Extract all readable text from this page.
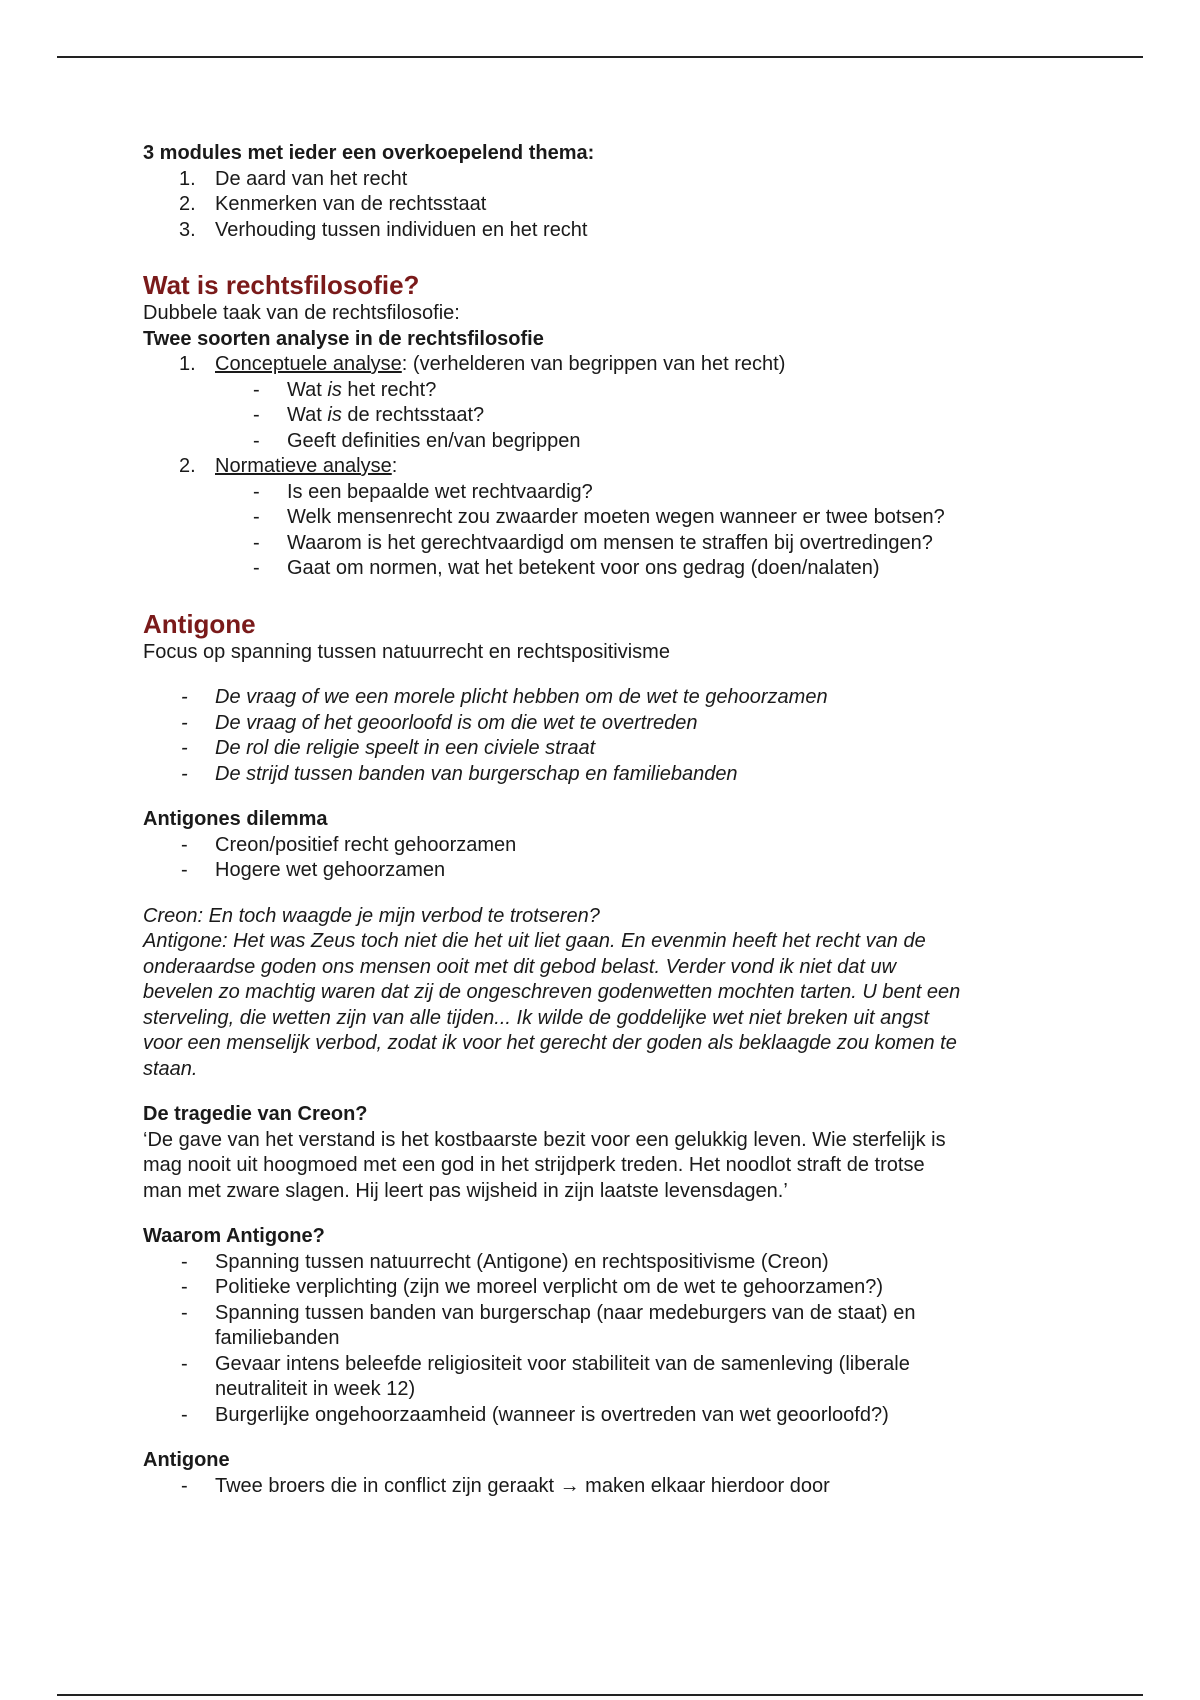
3 modules met ieder een overkoepelend thema:
1. De aard van het recht
2. Kenmerken van de rechtsstaat
3. Verhouding tussen individuen en het recht
Wat is rechtsfilosofie?
Dubbele taak van de rechtsfilosofie:
Twee soorten analyse in de rechtsfilosofie
1. Conceptuele analyse: (verhelderen van begrippen van het recht)
- Wat is het recht?
- Wat is de rechtsstaat?
- Geeft definities en/van begrippen
2. Normatieve analyse:
- Is een bepaalde wet rechtvaardig?
- Welk mensenrecht zou zwaarder moeten wegen wanneer er twee botsen?
- Waarom is het gerechtvaardigd om mensen te straffen bij overtredingen?
- Gaat om normen, wat het betekent voor ons gedrag (doen/nalaten)
Antigone
Focus op spanning tussen natuurrecht en rechtspositivisme
- De vraag of we een morele plicht hebben om de wet te gehoorzamen
- De vraag of het geoorloofd is om die wet te overtreden
- De rol die religie speelt in een civiele straat
- De strijd tussen banden van burgerschap en familiebanden
Antigones dilemma
- Creon/positief recht gehoorzamen
- Hogere wet gehoorzamen
Creon: En toch waagde je mijn verbod te trotseren?
Antigone: Het was Zeus toch niet die het uit liet gaan. En evenmin heeft het recht van de
onderaardse goden ons mensen ooit met dit gebod belast. Verder vond ik niet dat uw
bevelen zo machtig waren dat zij de ongeschreven godenwetten mochten tarten. U bent een
sterveling, die wetten zijn van alle tijden... Ik wilde de goddelijke wet niet breken uit angst
voor een menselijk verbod, zodat ik voor het gerecht der goden als beklaagde zou komen te
staan.
De tragedie van Creon?
‘De gave van het verstand is het kostbaarste bezit voor een gelukkig leven. Wie sterfelijk is
mag nooit uit hoogmoed met een god in het strijdperk treden. Het noodlot straft de trotse
man met zware slagen. Hij leert pas wijsheid in zijn laatste levensdagen.’
Waarom Antigone?
- Spanning tussen natuurrecht (Antigone) en rechtspositivisme (Creon)
- Politieke verplichting (zijn we moreel verplicht om de wet te gehoorzamen?)
- Spanning tussen banden van burgerschap (naar medeburgers van de staat) en
familiebanden
- Gevaar intens beleefde religiositeit voor stabiliteit van de samenleving (liberale
neutraliteit in week 12)
- Burgerlijke ongehoorzaamheid (wanneer is overtreden van wet geoorloofd?)
Antigone
- Twee broers die in conflict zijn geraakt → maken elkaar hierdoor door
